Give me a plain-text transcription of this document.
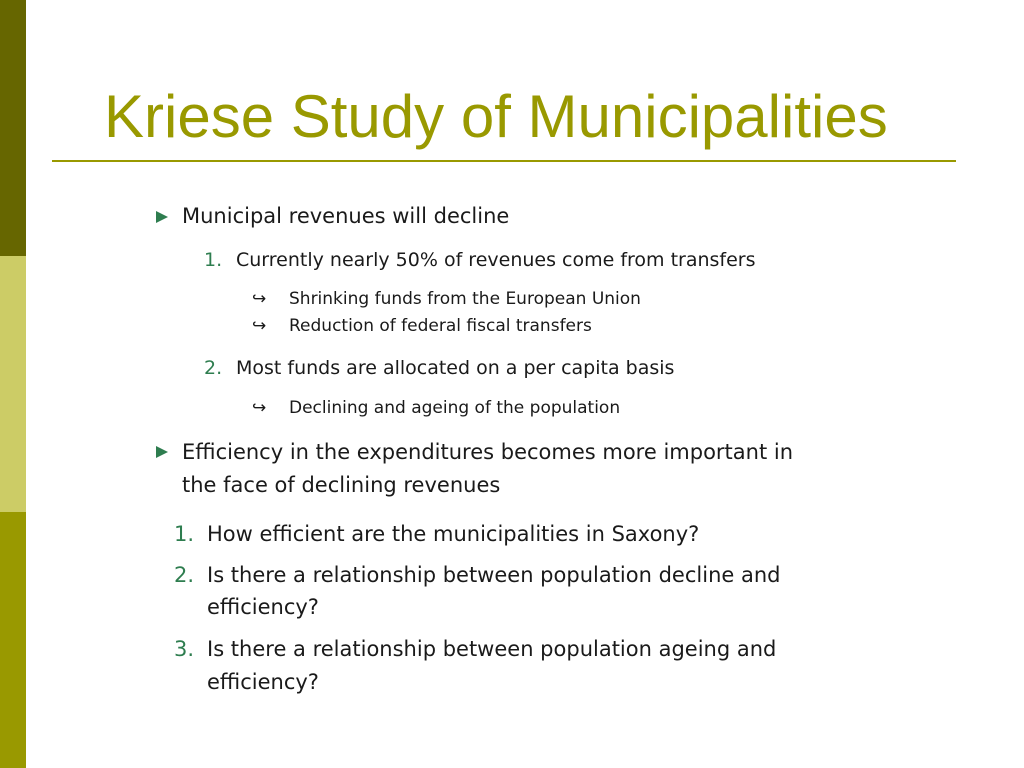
Kriese Study of Municipalities
Municipal revenues will decline
1. Currently nearly 50% of revenues come from transfers
↪ Shrinking funds from the European Union
↪ Reduction of federal fiscal transfers
2. Most funds are allocated on a per capita basis
↪ Declining and ageing of the population
Efficiency in the expenditures becomes more important in
the face of declining revenues
1. How efficient are the municipalities in Saxony?
2. Is there a relationship between population decline and
efficiency?
3. Is there a relationship between population ageing and
efficiency?
